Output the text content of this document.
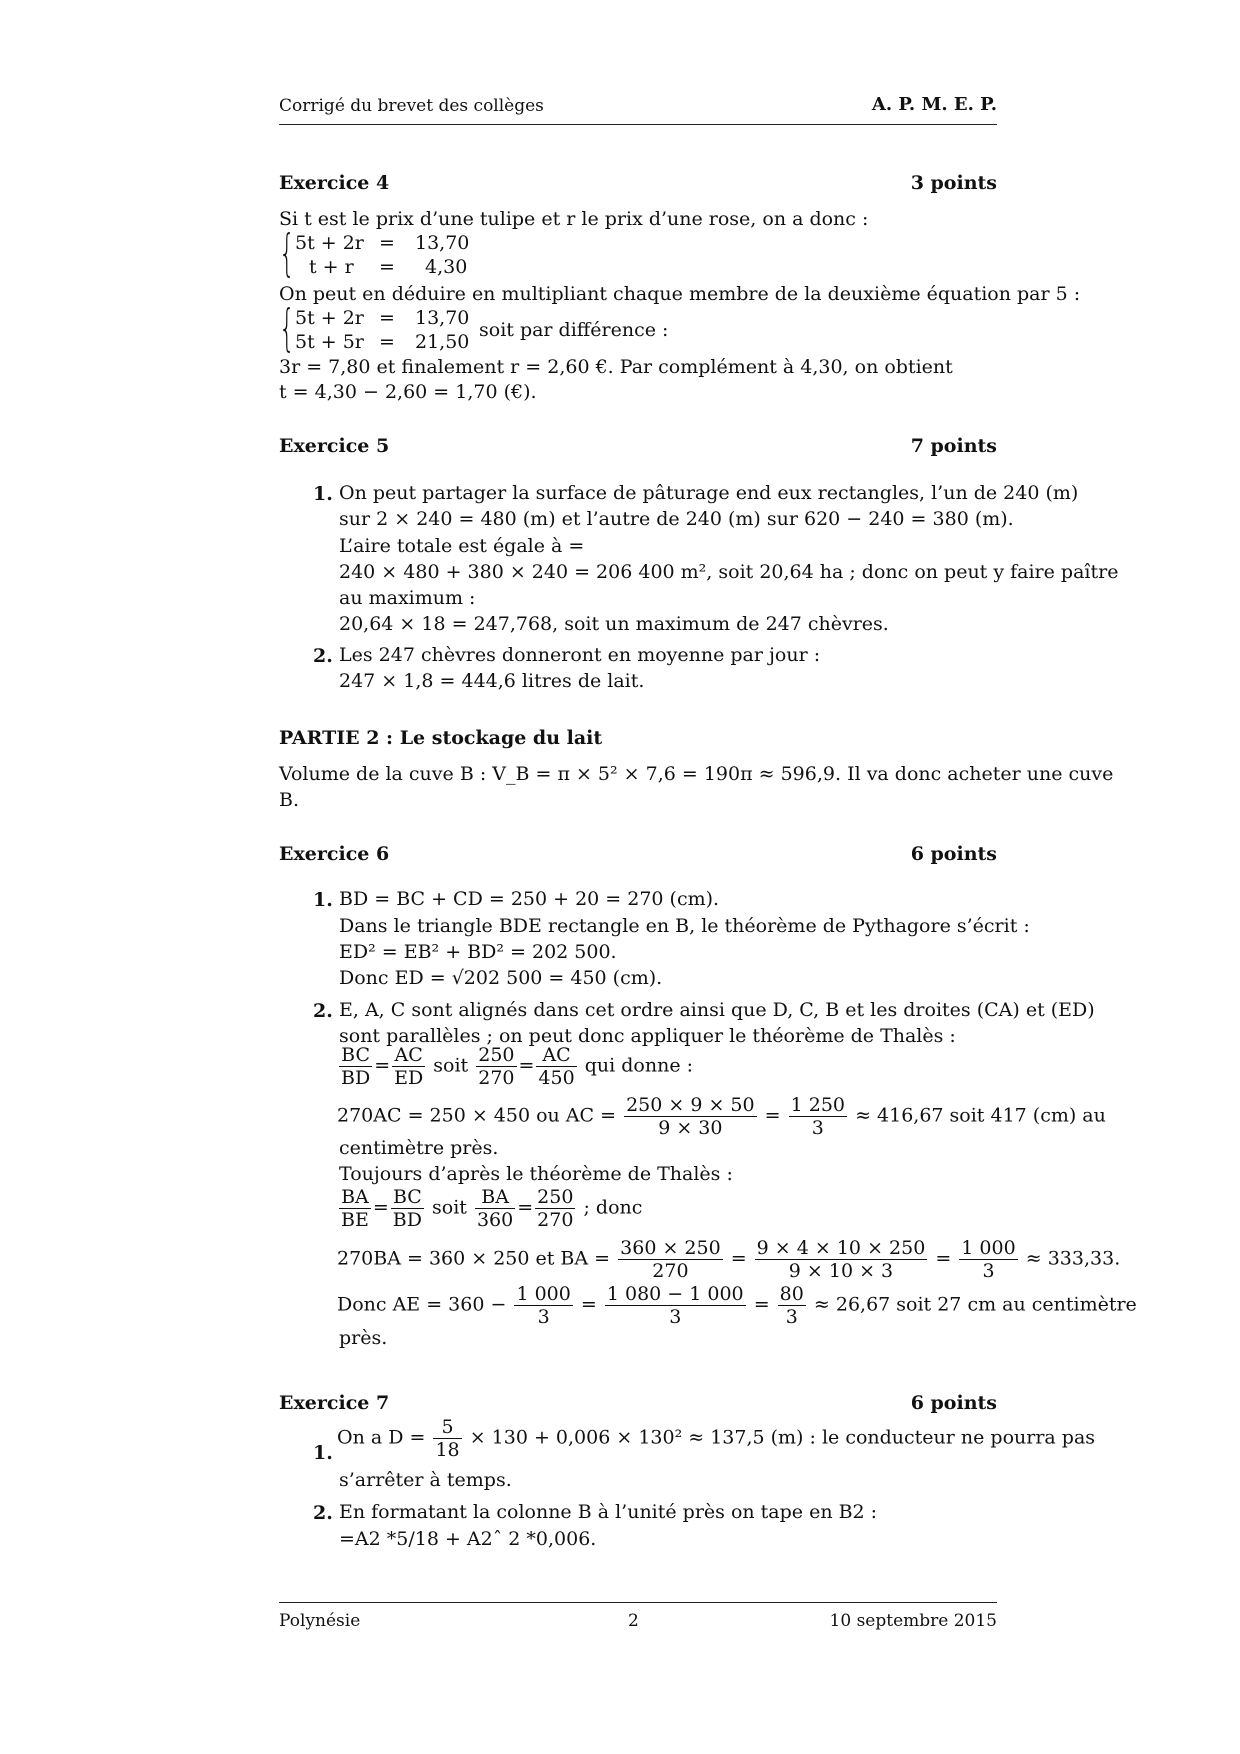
Corrigé du brevet des collèges	A. P. M. E. P.
Exercice 4	3 points
Si t est le prix d’une tulipe et r le prix d’une rose, on a donc :
{ 5t + 2r = 13,70
t + r = 4,30
On peut en déduire en multipliant chaque membre de la deuxième équation par 5 :
{ 5t + 2r = 13,70
5t + 5r = 21,50
soit par différence :
3r = 7,80 et finalement r = 2,60 €. Par complément à 4,30, on obtient
t = 4,30 − 2,60 = 1,70 (€).
Exercice 5	7 points
1. On peut partager la surface de pâturage end eux rectangles, l’un de 240 (m)
sur 2 × 240 = 480 (m) et l’autre de 240 (m) sur 620 − 240 = 380 (m).
L’aire totale est égale à =
240 × 480 + 380 × 240 = 206 400 m², soit 20,64 ha ; donc on peut y faire paître
au maximum :
20,64 × 18 = 247,768, soit un maximum de 247 chèvres.
2. Les 247 chèvres donneront en moyenne par jour :
247 × 1,8 = 444,6 litres de lait.
PARTIE 2 : Le stockage du lait
Volume de la cuve B : V_B = π × 5² × 7,6 = 190π ≈ 596,9. Il va donc acheter une cuve
B.
Exercice 6	6 points
1. BD = BC + CD = 250 + 20 = 270 (cm).
Dans le triangle BDE rectangle en B, le théorème de Pythagore s’écrit :
ED² = EB² + BD² = 202 500.
Donc ED = √202 500 = 450 (cm).
2. E, A, C sont alignés dans cet ordre ainsi que D, C, B et les droites (CA) et (ED)
sont parallèles ; on peut donc appliquer le théorème de Thalès :
$\frac{BC}{BD} = \frac{AC}{ED}$ soit $\frac{250}{270} = \frac{AC}{450}$ qui donne :
270AC = 250 × 450 ou AC = $\frac{250 \times 9 \times 50}{9 \times 30} = \frac{1 250}{3} \approx 416,67$ soit 417 (cm) au
centimètre près.
Toujours d’après le théorème de Thalès :
$\frac{BA}{BE} = \frac{BC}{BD}$ soit $\frac{BA}{360} = \frac{250}{270}$ ; donc
270BA = 360 × 250 et BA = $\frac{360 \times 250}{270} = \frac{9 \times 4 \times 10 \times 250}{9 \times 10 \times 3} = \frac{1 000}{3} \approx 333,33$.
Donc AE = $360 - \frac{1 000}{3} = \frac{1 080 - 1 000}{3} = \frac{80}{3} \approx 26,67$ soit 27 cm au centimètre
près.
Exercice 7	6 points
1.
On a $D = \frac{5}{18} \times 130 + 0,006 \times 130^2 \approx 137,5$ (m) : le conducteur ne pourra pas
s’arrêter à temps.
2. En formatant la colonne B à l’unité près on tape en B2 :
=A2 *5/18 + A2ˆ 2 *0,006.
Polynésie	2	10 septembre 2015
